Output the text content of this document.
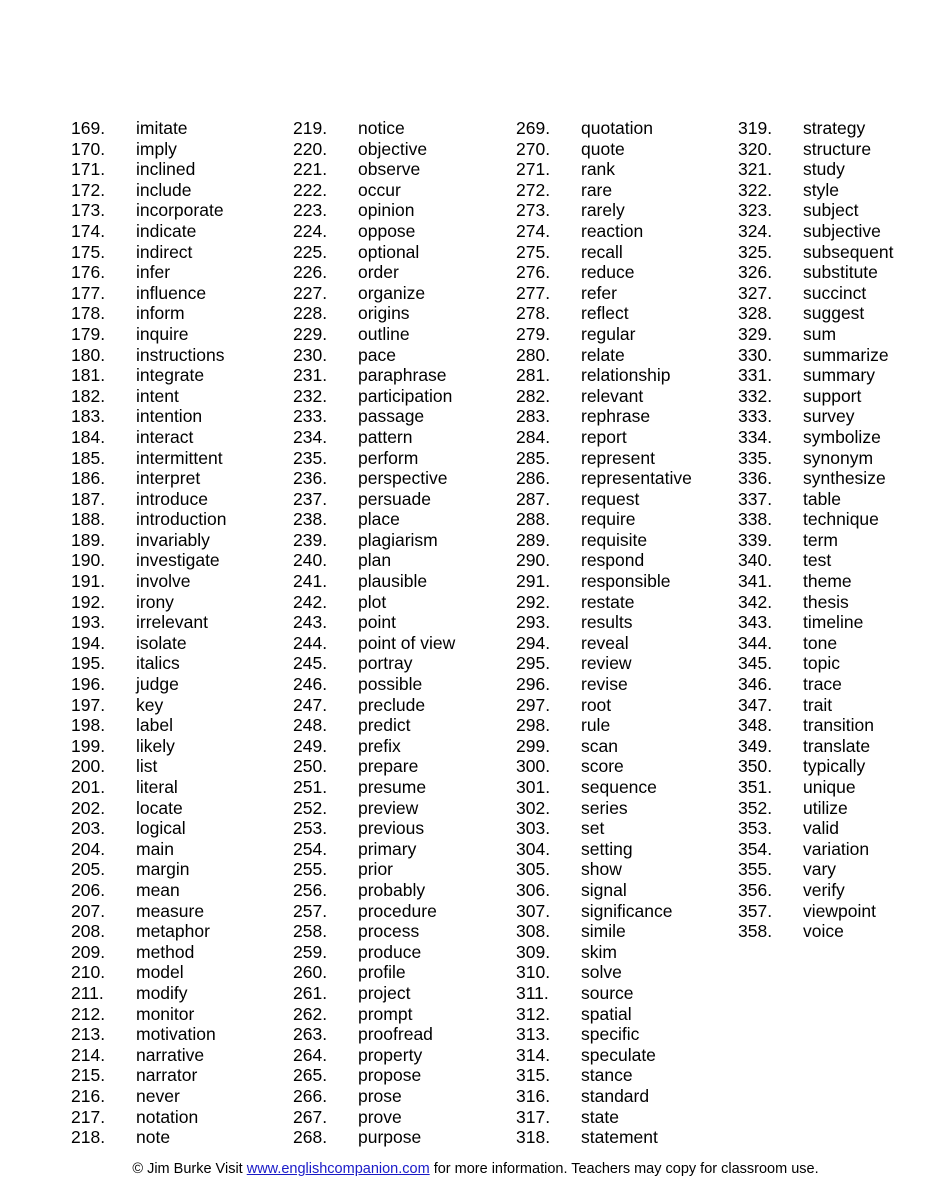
169. imitate
170. imply
171. inclined
172. include
173. incorporate
174. indicate
175. indirect
176. infer
177. influence
178. inform
179. inquire
180. instructions
181. integrate
182. intent
183. intention
184. interact
185. intermittent
186. interpret
187. introduce
188. introduction
189. invariably
190. investigate
191. involve
192. irony
193. irrelevant
194. isolate
195. italics
196. judge
197. key
198. label
199. likely
200. list
201. literal
202. locate
203. logical
204. main
205. margin
206. mean
207. measure
208. metaphor
209. method
210. model
211. modify
212. monitor
213. motivation
214. narrative
215. narrator
216. never
217. notation
218. note
219. notice
220. objective
221. observe
222. occur
223. opinion
224. oppose
225. optional
226. order
227. organize
228. origins
229. outline
230. pace
231. paraphrase
232. participation
233. passage
234. pattern
235. perform
236. perspective
237. persuade
238. place
239. plagiarism
240. plan
241. plausible
242. plot
243. point
244. point of view
245. portray
246. possible
247. preclude
248. predict
249. prefix
250. prepare
251. presume
252. preview
253. previous
254. primary
255. prior
256. probably
257. procedure
258. process
259. produce
260. profile
261. project
262. prompt
263. proofread
264. property
265. propose
266. prose
267. prove
268. purpose
269. quotation
270. quote
271. rank
272. rare
273. rarely
274. reaction
275. recall
276. reduce
277. refer
278. reflect
279. regular
280. relate
281. relationship
282. relevant
283. rephrase
284. report
285. represent
286. representative
287. request
288. require
289. requisite
290. respond
291. responsible
292. restate
293. results
294. reveal
295. review
296. revise
297. root
298. rule
299. scan
300. score
301. sequence
302. series
303. set
304. setting
305. show
306. signal
307. significance
308. simile
309. skim
310. solve
311. source
312. spatial
313. specific
314. speculate
315. stance
316. standard
317. state
318. statement
319. strategy
320. structure
321. study
322. style
323. subject
324. subjective
325. subsequent
326. substitute
327. succinct
328. suggest
329. sum
330. summarize
331. summary
332. support
333. survey
334. symbolize
335. synonym
336. synthesize
337. table
338. technique
339. term
340. test
341. theme
342. thesis
343. timeline
344. tone
345. topic
346. trace
347. trait
348. transition
349. translate
350. typically
351. unique
352. utilize
353. valid
354. variation
355. vary
356. verify
357. viewpoint
358. voice
© Jim Burke Visit www.englishcompanion.com for more information. Teachers may copy for classroom use.
